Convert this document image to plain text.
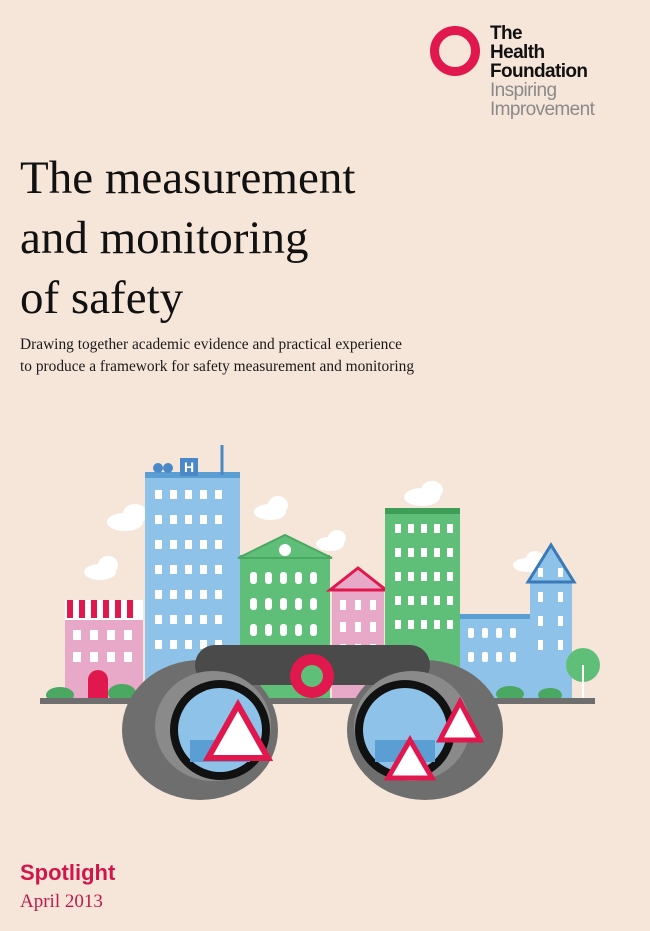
The
Health
Foundation
Inspiring
Improvement
The measurement
and monitoring
of safety
Drawing together academic evidence and practical experience
to produce a framework for safety measurement and monitoring
H
Spotlight
April 2013
